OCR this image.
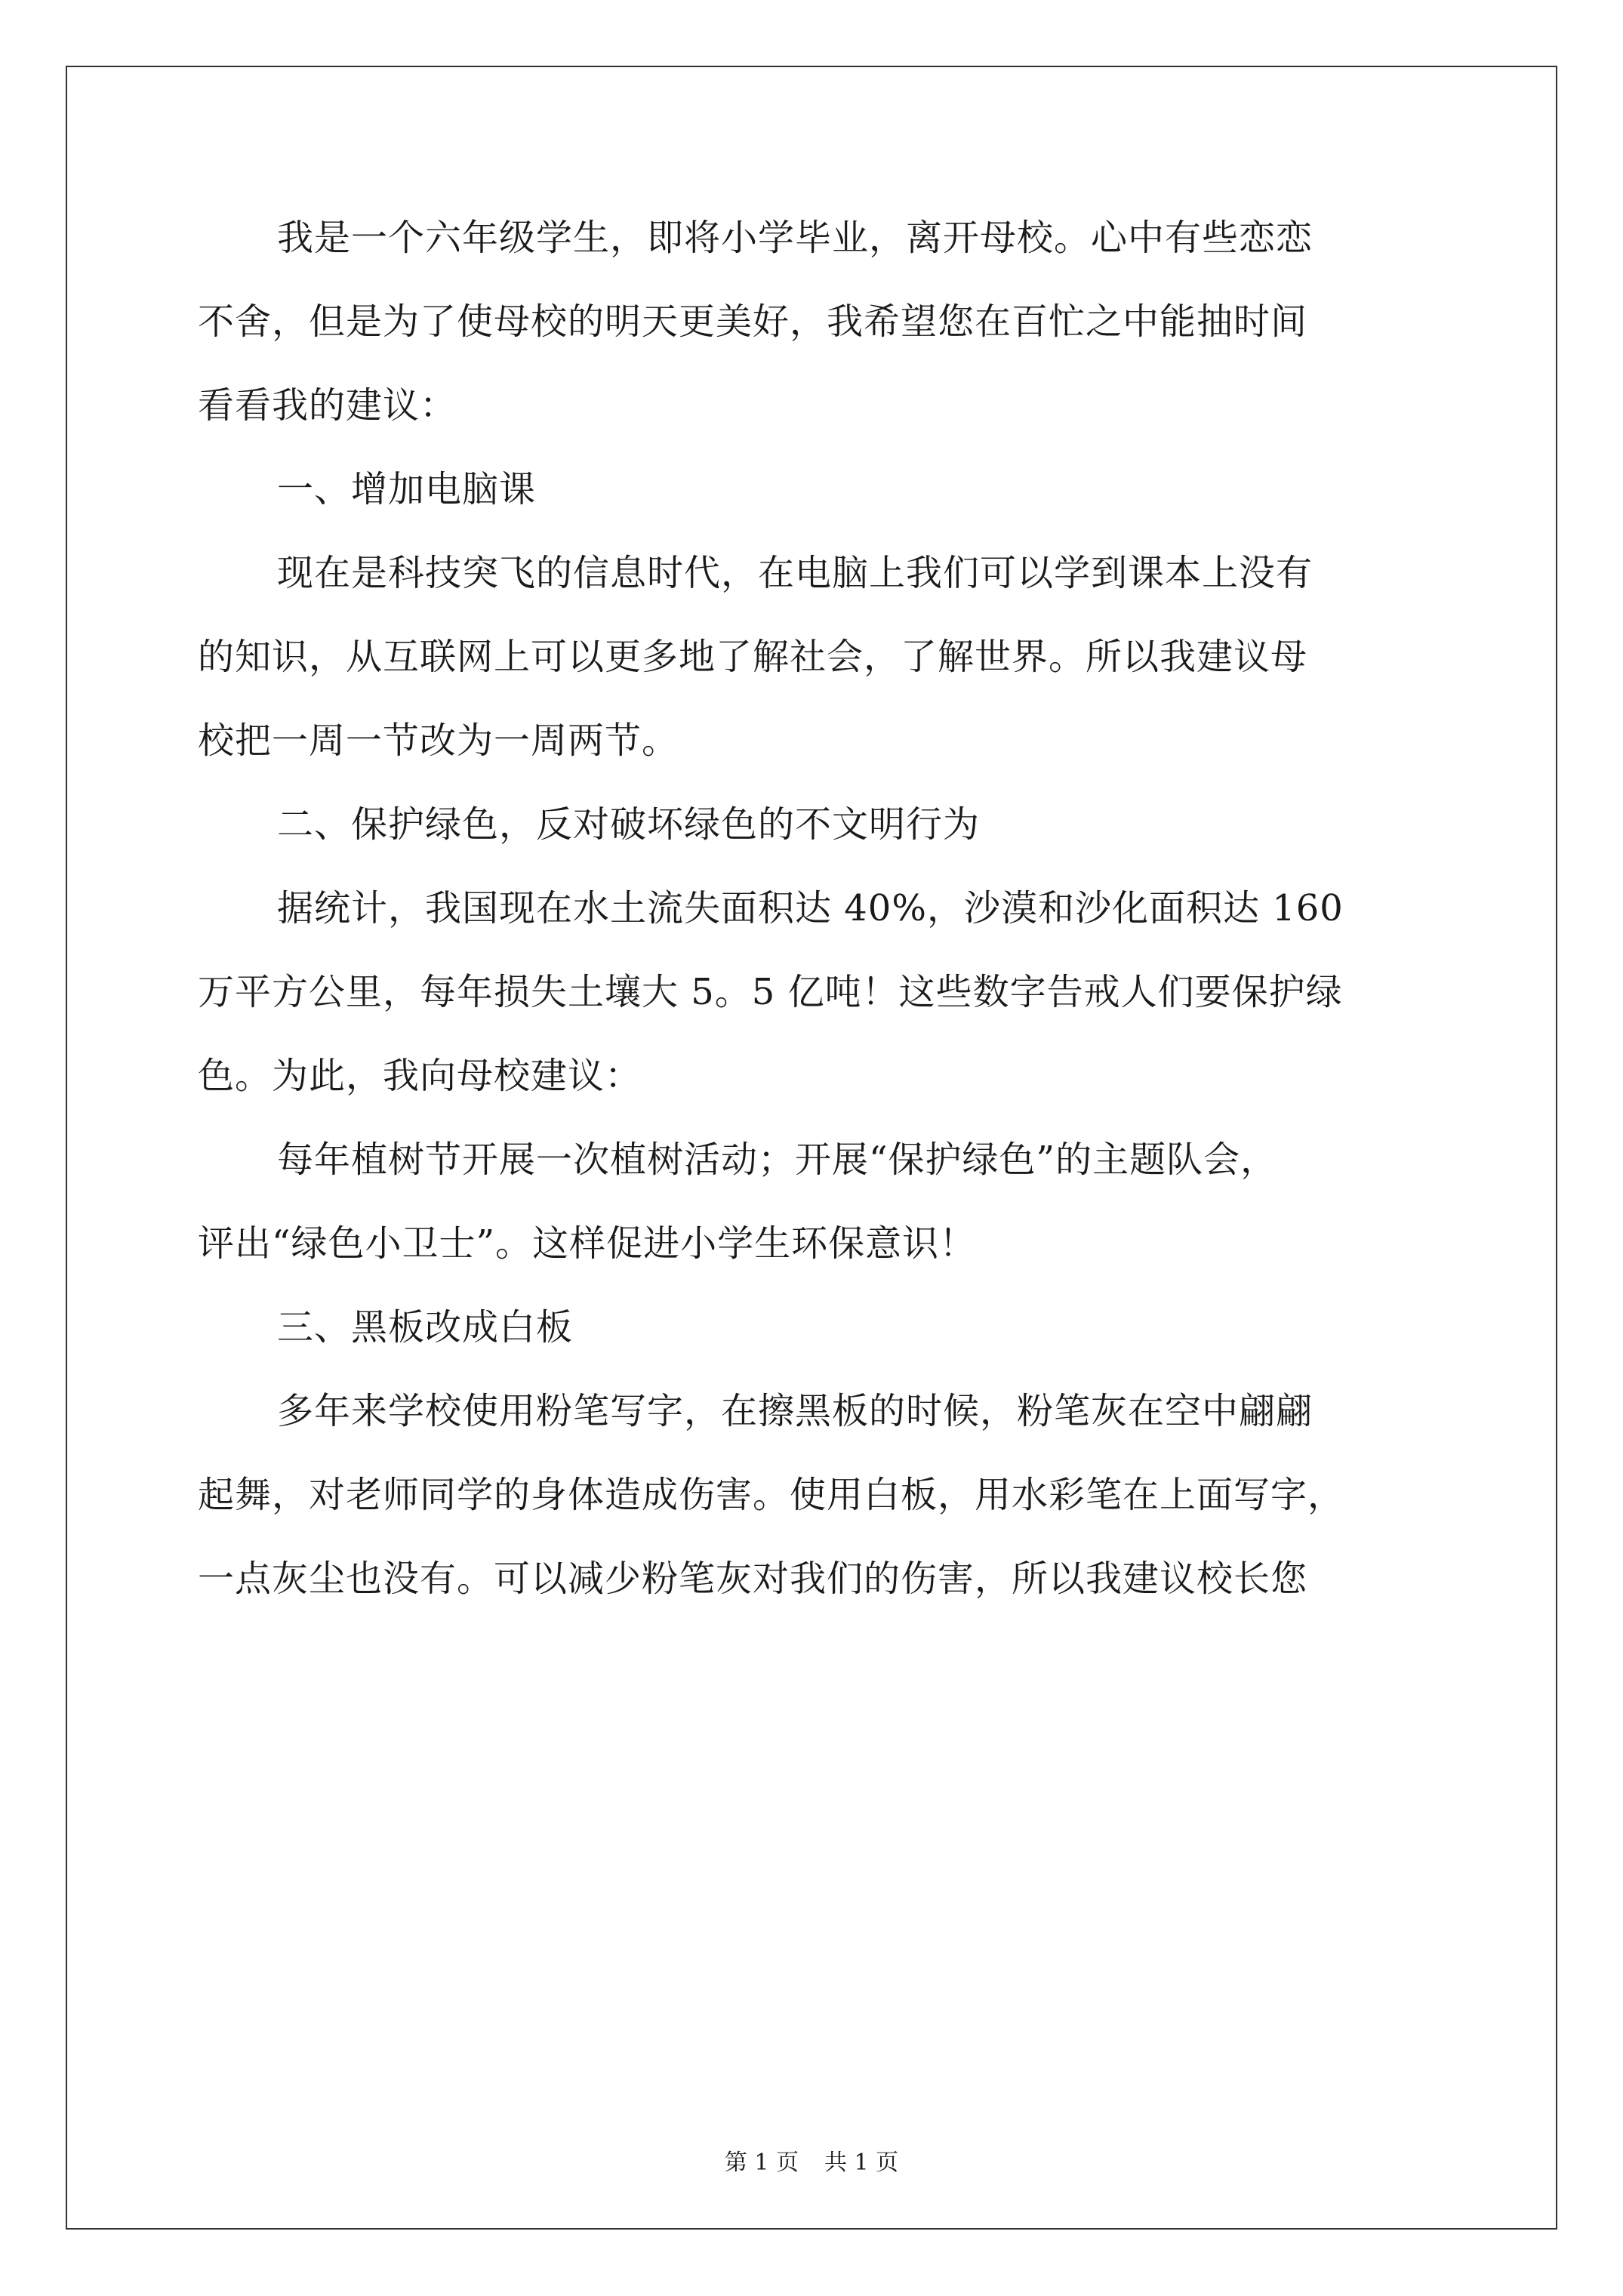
我是一个六年级学生，即将小学毕业，离开母校。心中有些恋恋
不舍，但是为了使母校的明天更美好，我希望您在百忙之中能抽时间
看看我的建议：
一、增加电脑课
现在是科技突飞的信息时代，在电脑上我们可以学到课本上没有
的知识，从互联网上可以更多地了解社会，了解世界。所以我建议母
校把一周一节改为一周两节。
二、保护绿色，反对破坏绿色的不文明行为
据统计，我国现在水土流失面积达 40%，沙漠和沙化面积达 160
万平方公里，每年损失土壤大 5。5 亿吨！这些数字告戒人们要保护绿
色。为此，我向母校建议：
每年植树节开展一次植树活动；开展“保护绿色”的主题队会，
评出“绿色小卫士”。这样促进小学生环保意识！
三、黑板改成白板
多年来学校使用粉笔写字，在擦黑板的时候，粉笔灰在空中翩翩
起舞，对老师同学的身体造成伤害。使用白板，用水彩笔在上面写字，
一点灰尘也没有。可以减少粉笔灰对我们的伤害，所以我建议校长您
第 1 页 共 1 页
